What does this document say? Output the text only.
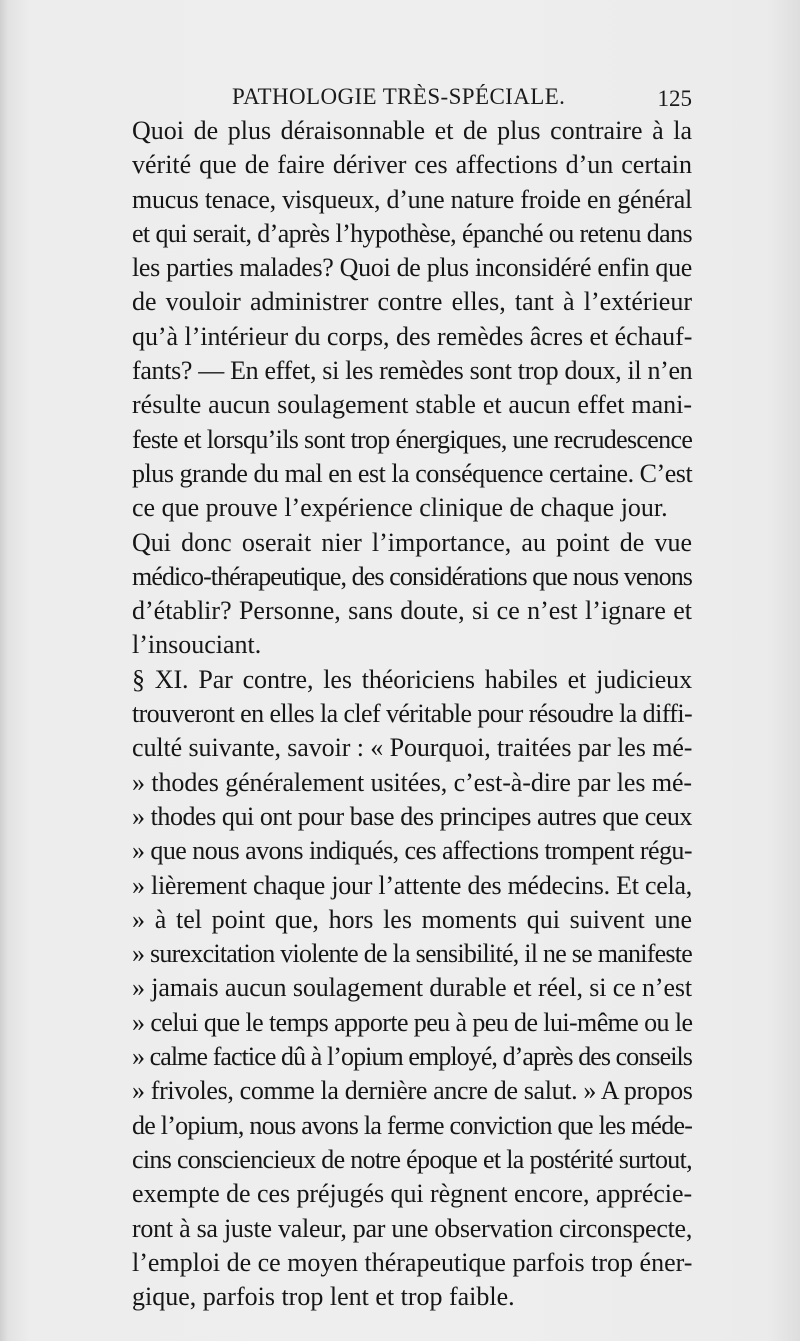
PATHOLOGIE TRÈS-SPÉCIALE.	125

Quoi de plus déraisonnable et de plus contraire à la
vérité que de faire dériver ces affections d’un certain
mucus tenace, visqueux, d’une nature froide en général
et qui serait, d’après l’hypothèse, épanché ou retenu dans
les parties malades? Quoi de plus inconsidéré enfin que
de vouloir administrer contre elles, tant à l’extérieur
qu’à l’intérieur du corps, des remèdes âcres et échauf-
fants? — En effet, si les remèdes sont trop doux, il n’en
résulte aucun soulagement stable et aucun effet mani-
feste et lorsqu’ils sont trop énergiques, une recrudescence
plus grande du mal en est la conséquence certaine. C’est
ce que prouve l’expérience clinique de chaque jour.

Qui donc oserait nier l’importance, au point de vue
médico-thérapeutique, des considérations que nous venons
d’établir? Personne, sans doute, si ce n’est l’ignare et
l’insouciant.

§ XI. Par contre, les théoriciens habiles et judicieux
trouveront en elles la clef véritable pour résoudre la diffi-
culté suivante, savoir : « Pourquoi, traitées par les mé-
» thodes généralement usitées, c’est-à-dire par les mé-
» thodes qui ont pour base des principes autres que ceux
» que nous avons indiqués, ces affections trompent régu-
» lièrement chaque jour l’attente des médecins. Et cela,
» à tel point que, hors les moments qui suivent une
» surexcitation violente de la sensibilité, il ne se manifeste
» jamais aucun soulagement durable et réel, si ce n’est
» celui que le temps apporte peu à peu de lui-même ou le
» calme factice dû à l’opium employé, d’après des conseils
» frivoles, comme la dernière ancre de salut. » A propos
de l’opium, nous avons la ferme conviction que les méde-
cins consciencieux de notre époque et la postérité surtout,
exempte de ces préjugés qui règnent encore, apprécie-
ront à sa juste valeur, par une observation circonspecte,
l’emploi de ce moyen thérapeutique parfois trop éner-
gique, parfois trop lent et trop faible.
